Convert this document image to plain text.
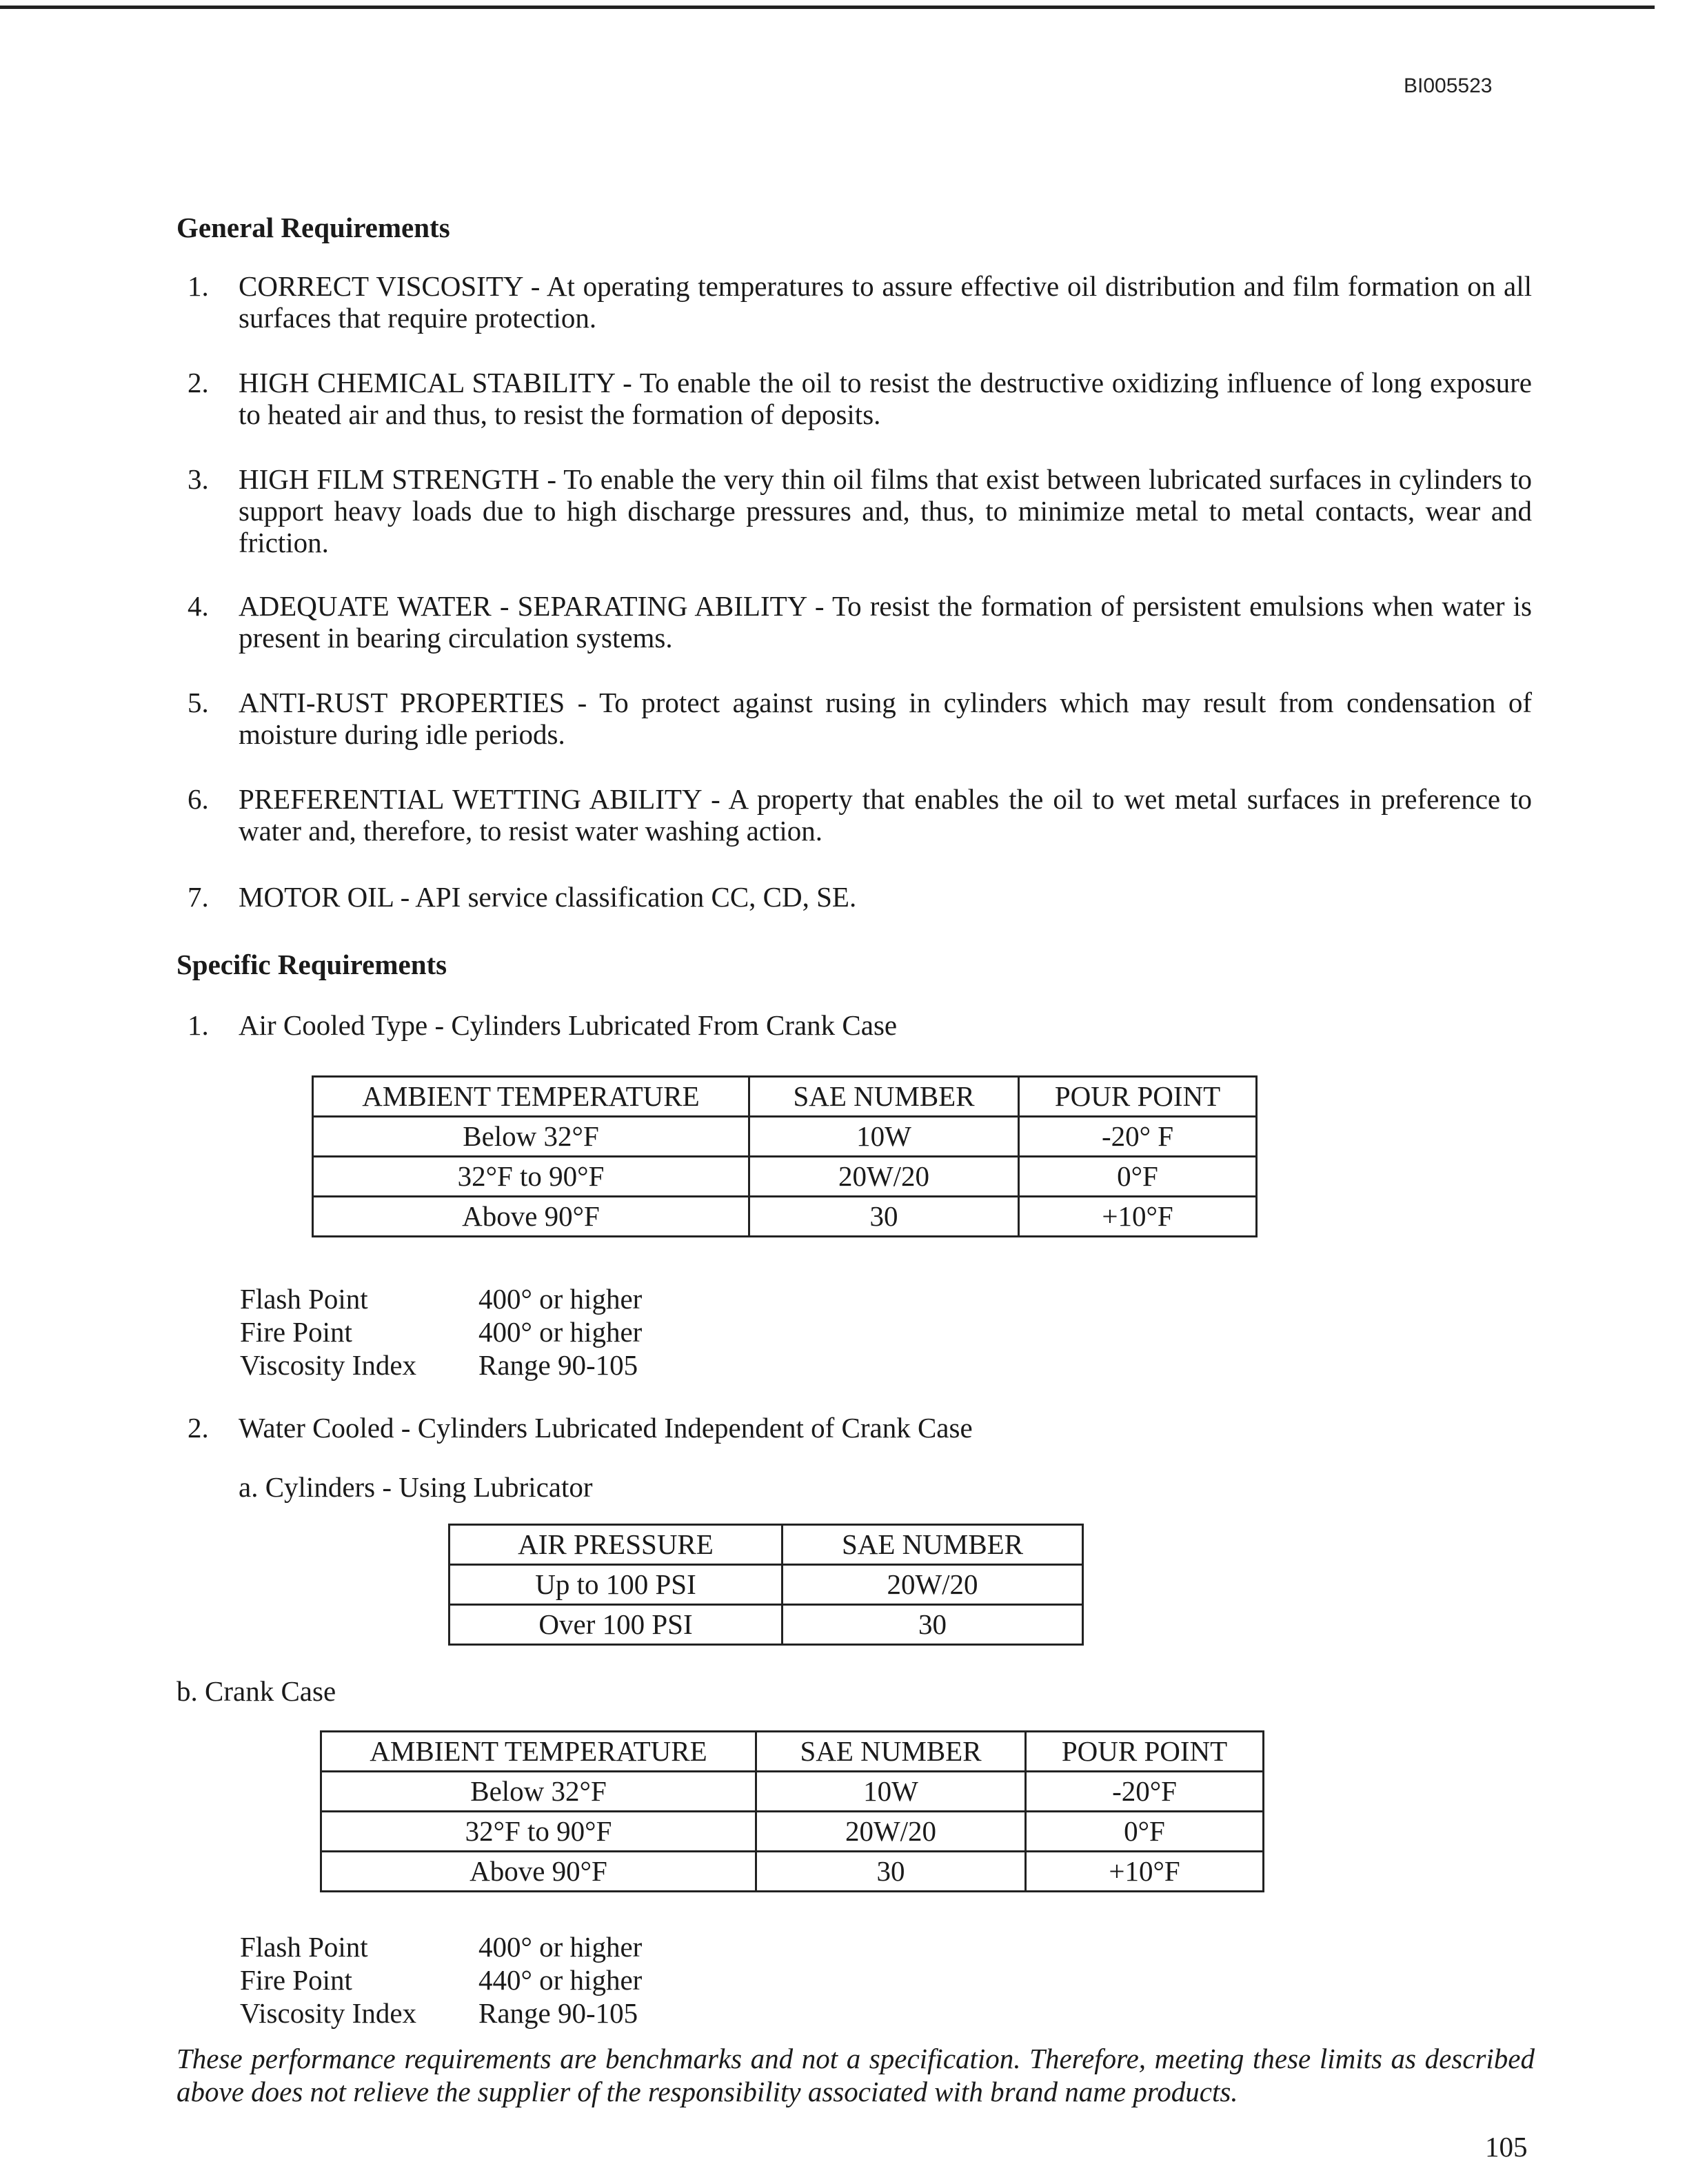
BI005523
General Requirements
1. CORRECT VISCOSITY - At operating temperatures to assure effective oil distribution and film formation on all surfaces that require protection.
2. HIGH CHEMICAL STABILITY - To enable the oil to resist the destructive oxidizing influence of long exposure to heated air and thus, to resist the formation of deposits.
3. HIGH FILM STRENGTH - To enable the very thin oil films that exist between lubricated surfaces in cylinders to support heavy loads due to high discharge pressures and, thus, to minimize metal to metal contacts, wear and friction.
4. ADEQUATE WATER - SEPARATING ABILITY - To resist the formation of persistent emulsions when water is present in bearing circulation systems.
5. ANTI-RUST PROPERTIES - To protect against rusing in cylinders which may result from condensation of moisture during idle periods.
6. PREFERENTIAL WETTING ABILITY - A property that enables the oil to wet metal surfaces in preference to water and, therefore, to resist water washing action.
7. MOTOR OIL - API service classification CC, CD, SE.
Specific Requirements
1. Air Cooled Type - Cylinders Lubricated From Crank Case
AMBIENT TEMPERATURE	SAE NUMBER	POUR POINT
Below 32°F	10W	-20° F
32°F to 90°F	20W/20	0°F
Above 90°F	30	+10°F
Flash Point	400° or higher
Fire Point	400° or higher
Viscosity Index Range 90-105
2. Water Cooled - Cylinders Lubricated Independent of Crank Case
a. Cylinders - Using Lubricator
AIR PRESSURE	SAE NUMBER
Up to 100 PSI	20W/20
Over 100 PSI	30
b. Crank Case
AMBIENT TEMPERATURE	SAE NUMBER	POUR POINT
Below 32°F	10W	-20°F
32°F to 90°F	20W/20	0°F
Above 90°F	30	+10°F
Flash Point	400° or higher
Fire Point	440° or higher
Viscosity Index Range 90-105
These performance requirements are benchmarks and not a specification. Therefore, meeting these limits as described above does not relieve the supplier of the responsibility associated with brand name products.
105
